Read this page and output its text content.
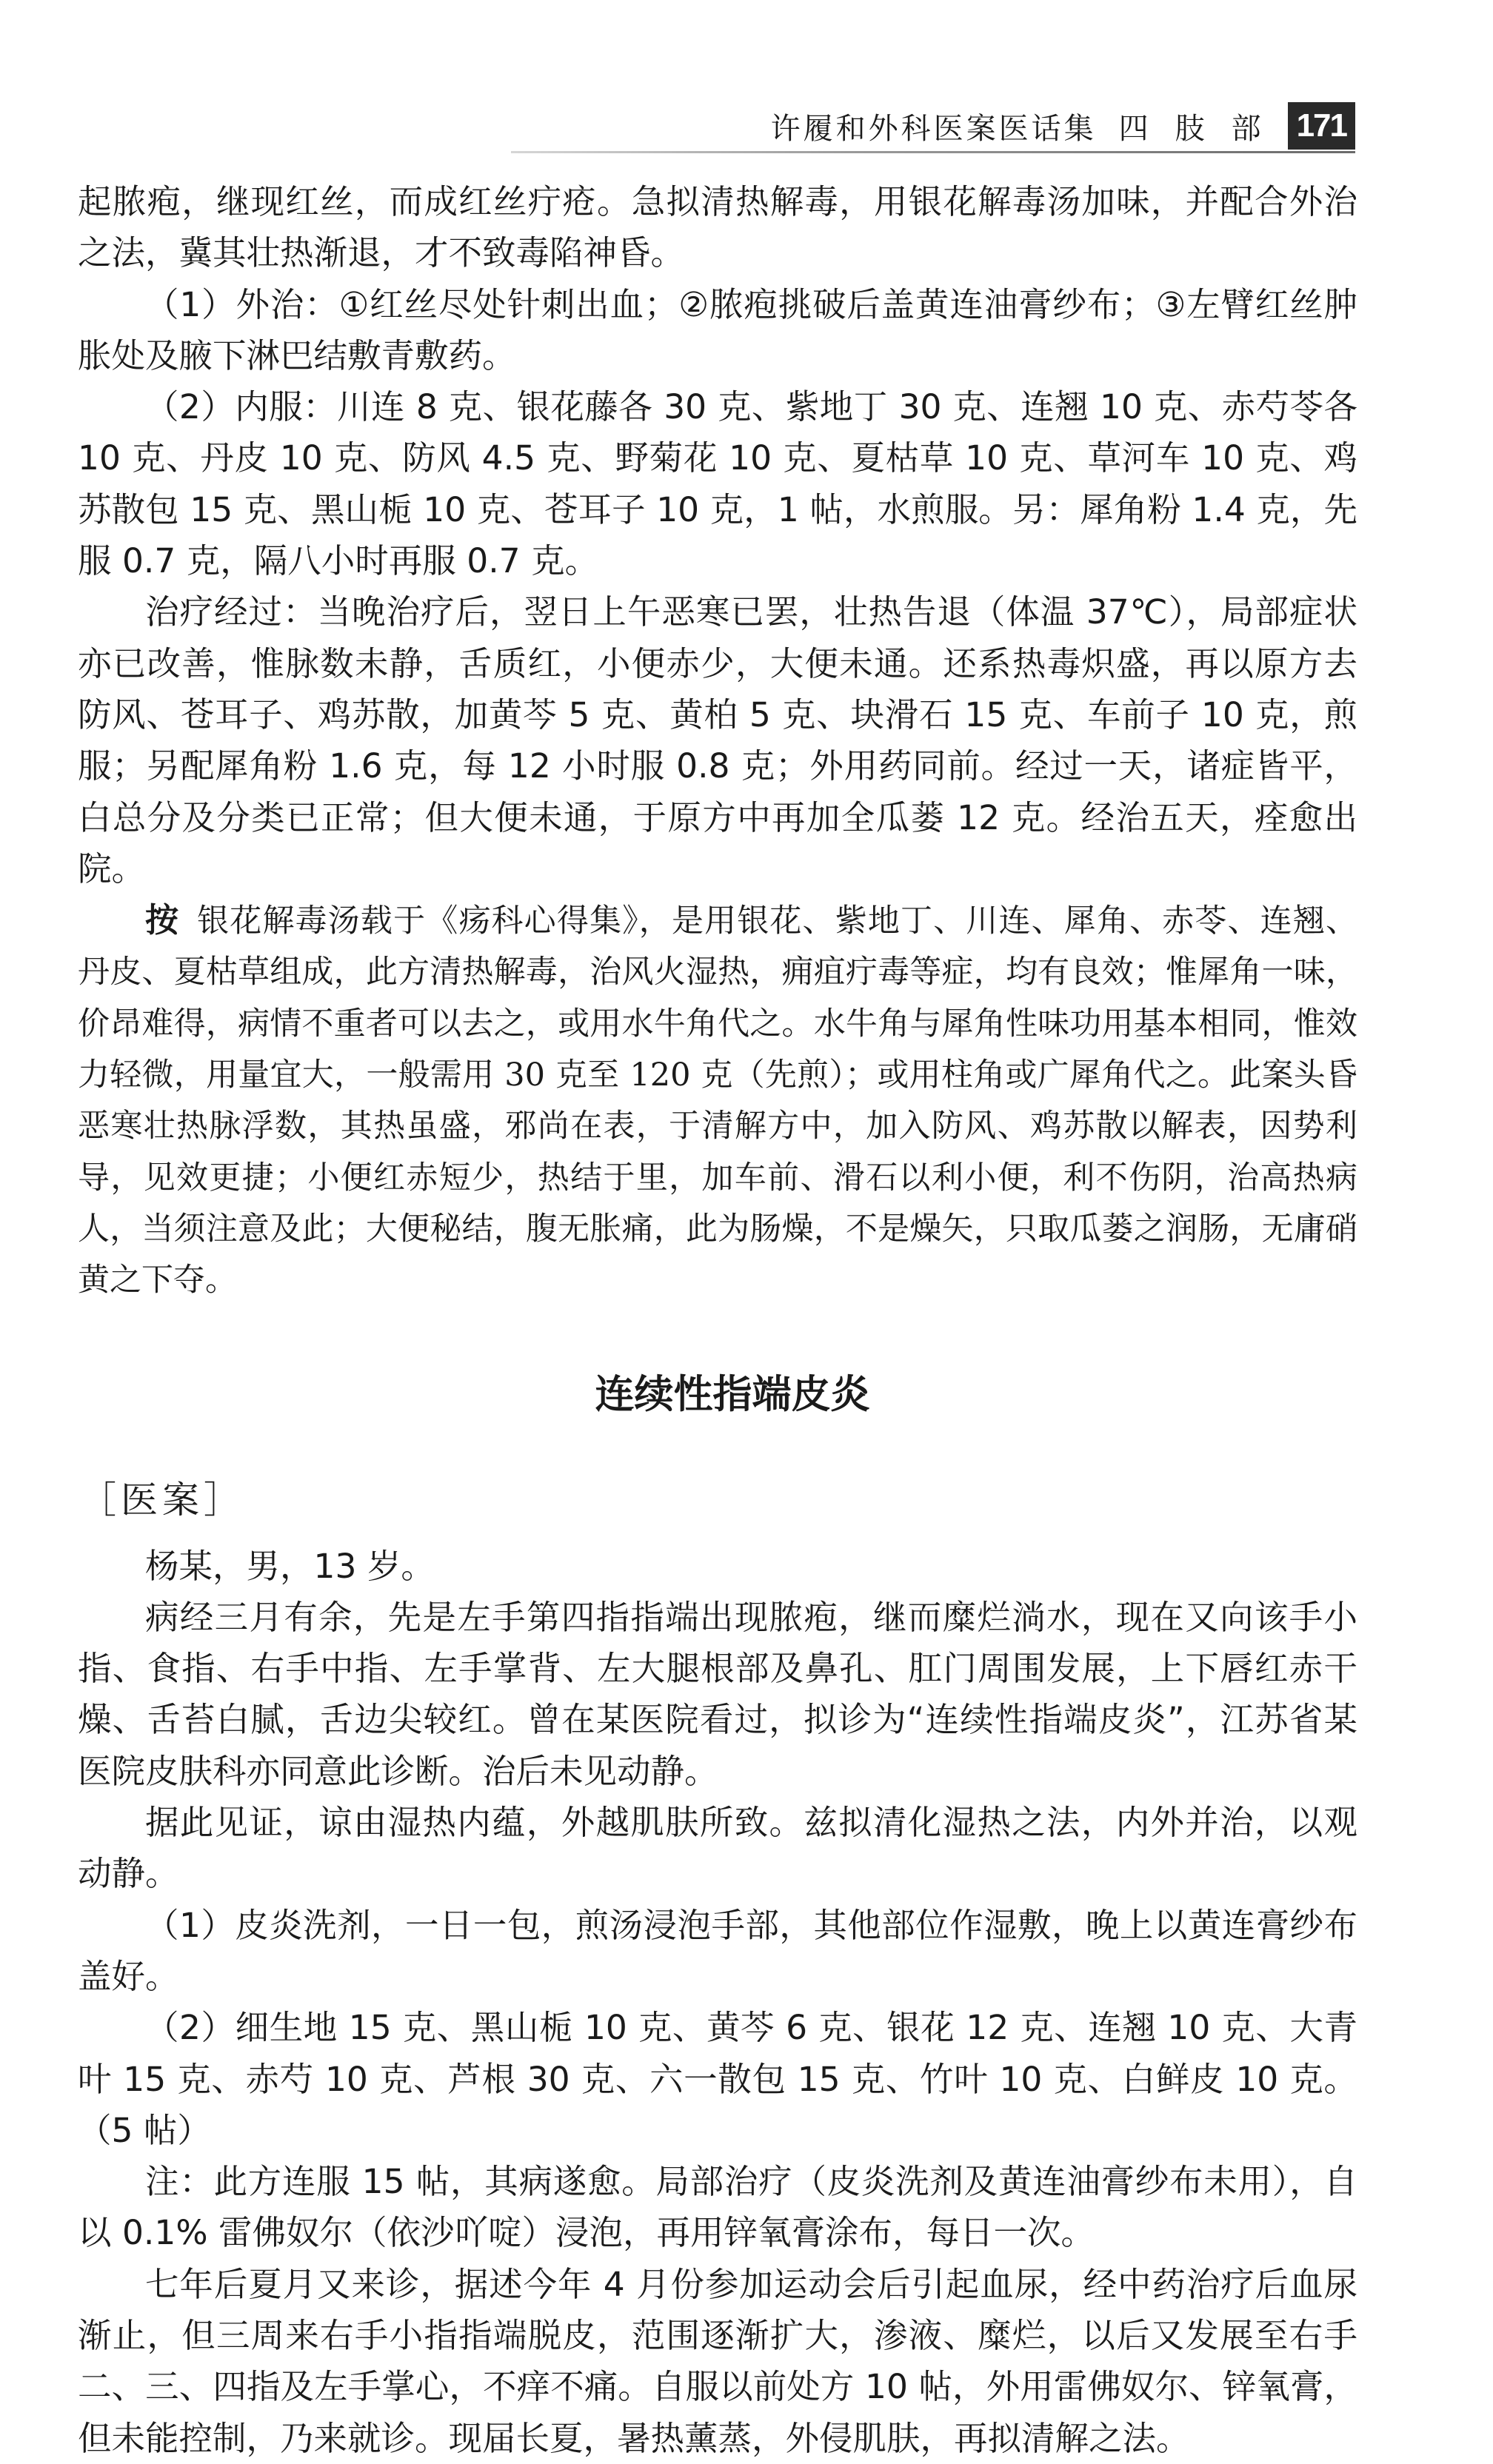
许履和外科医案医话集 四肢部 171

起脓疱，继现红丝，而成红丝疔疮。急拟清热解毒，用银花解毒汤加味，并配合外治之法，冀其壮热渐退，才不致毒陷神昏。

（1）外治：①红丝尽处针刺出血；②脓疱挑破后盖黄连油膏纱布；③左臂红丝肿胀处及腋下淋巴结敷青敷药。

（2）内服：川连 8 克、银花藤各 30 克、紫地丁 30 克、连翘 10 克、赤芍苓各 10 克、丹皮 10 克、防风 4.5 克、野菊花 10 克、夏枯草 10 克、草河车 10 克、鸡苏散包 15 克、黑山栀 10 克、苍耳子 10 克，1 帖，水煎服。另：犀角粉 1.4 克，先服 0.7 克，隔八小时再服 0.7 克。

治疗经过：当晚治疗后，翌日上午恶寒已罢，壮热告退（体温 37℃），局部症状亦已改善，惟脉数未静，舌质红，小便赤少，大便未通。还系热毒炽盛，再以原方去防风、苍耳子、鸡苏散，加黄芩 5 克、黄柏 5 克、块滑石 15 克、车前子 10 克，煎服；另配犀角粉 1.6 克，每 12 小时服 0.8 克；外用药同前。经过一天，诸症皆平，白总分及分类已正常；但大便未通，于原方中再加全瓜蒌 12 克。经治五天，痊愈出院。

按 银花解毒汤载于《疡科心得集》，是用银花、紫地丁、川连、犀角、赤苓、连翘、丹皮、夏枯草组成，此方清热解毒，治风火湿热，痈疽疔毒等症，均有良效；惟犀角一味，价昂难得，病情不重者可以去之，或用水牛角代之。水牛角与犀角性味功用基本相同，惟效力轻微，用量宜大，一般需用 30 克至 120 克（先煎）；或用柱角或广犀角代之。此案头昏恶寒壮热脉浮数，其热虽盛，邪尚在表，于清解方中，加入防风、鸡苏散以解表，因势利导，见效更捷；小便红赤短少，热结于里，加车前、滑石以利小便，利不伤阴，治高热病人，当须注意及此；大便秘结，腹无胀痛，此为肠燥，不是燥矢，只取瓜蒌之润肠，无庸硝黄之下夺。

连续性指端皮炎
［医案］

杨某，男，13 岁。

病经三月有余，先是左手第四指指端出现脓疱，继而糜烂淌水，现在又向该手小指、食指、右手中指、左手掌背、左大腿根部及鼻孔、肛门周围发展，上下唇红赤干燥、舌苔白腻，舌边尖较红。曾在某医院看过，拟诊为“连续性指端皮炎”，江苏省某医院皮肤科亦同意此诊断。治后未见动静。

据此见证，谅由湿热内蕴，外越肌肤所致。兹拟清化湿热之法，内外并治，以观动静。

（1）皮炎洗剂，一日一包，煎汤浸泡手部，其他部位作湿敷，晚上以黄连膏纱布盖好。

（2）细生地 15 克、黑山栀 10 克、黄芩 6 克、银花 12 克、连翘 10 克、大青叶 15 克、赤芍 10 克、芦根 30 克、六一散包 15 克、竹叶 10 克、白鲜皮 10 克。（5 帖）

注：此方连服 15 帖，其病遂愈。局部治疗（皮炎洗剂及黄连油膏纱布未用），自以 0.1% 雷佛奴尔（依沙吖啶）浸泡，再用锌氧膏涂布，每日一次。

七年后夏月又来诊，据述今年 4 月份参加运动会后引起血尿，经中药治疗后血尿渐止，但三周来右手小指指端脱皮，范围逐渐扩大，渗液、糜烂，以后又发展至右手二、三、四指及左手掌心，不痒不痛。自服以前处方 10 帖，外用雷佛奴尔、锌氧膏，但未能控制，乃来就诊。现届长夏，暑热薰蒸，外侵肌肤，再拟清解之法。
